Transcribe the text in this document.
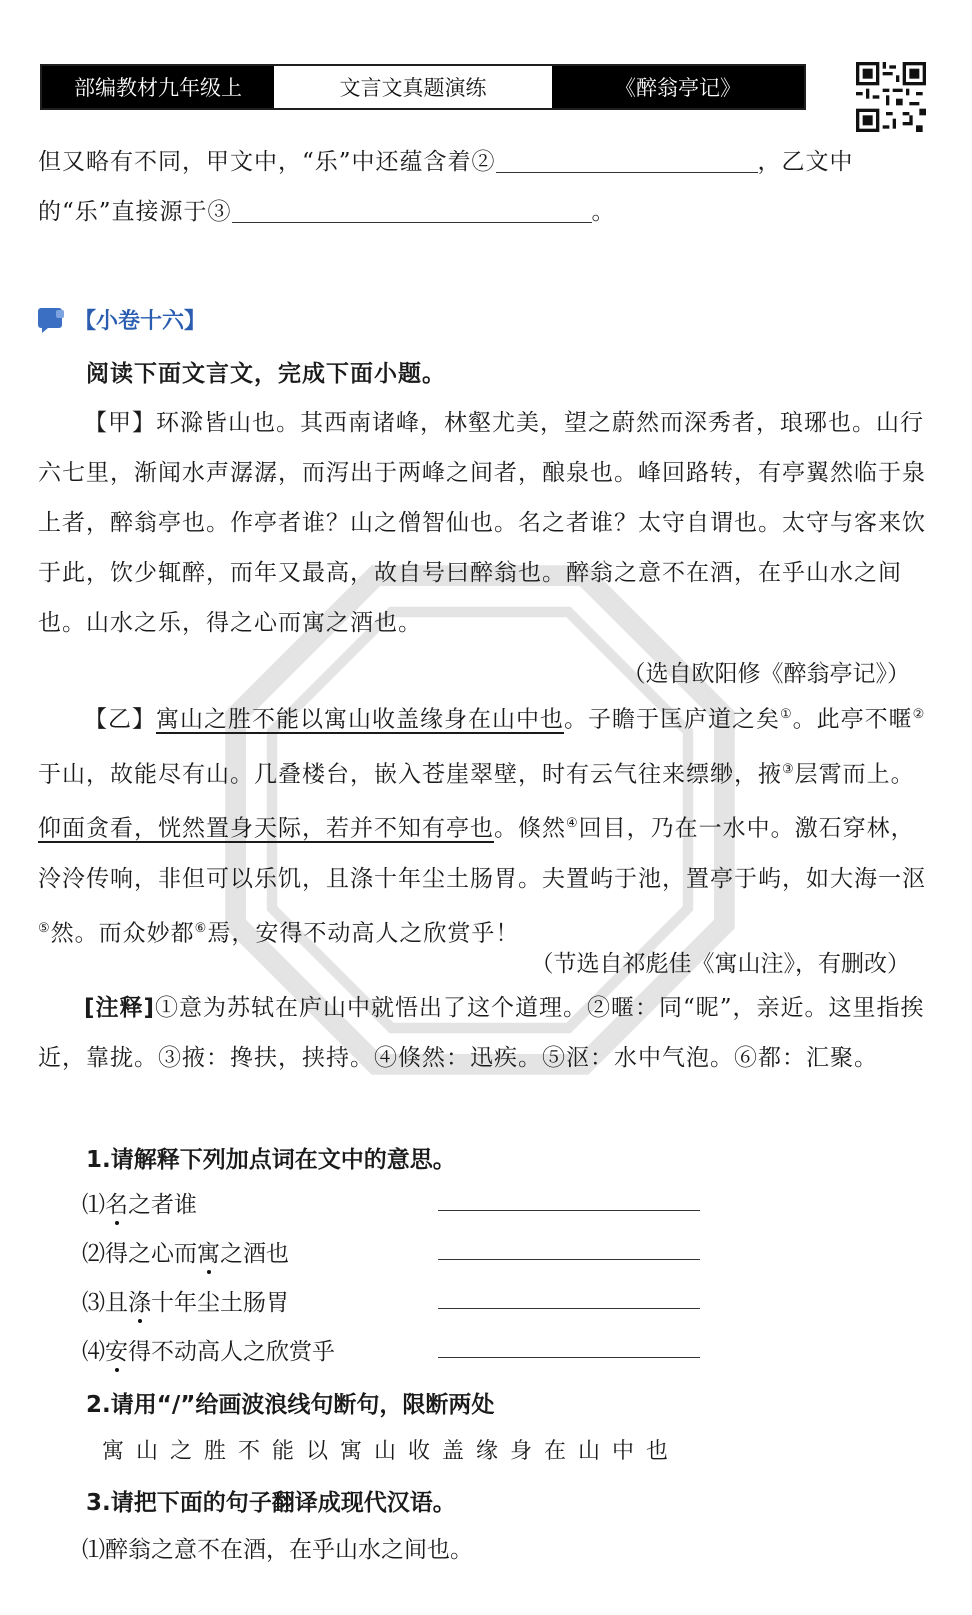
部编教材九年级上	文言文真题演练	《醉翁亭记》

但又略有不同，甲文中，“乐”中还蕴含着②	，乙文中
的“乐”直接源于③	。

【小卷十六】

阅读下面文言文，完成下面小题。

【甲】环滁皆山也。其西南诸峰，林壑尤美，望之蔚然而深秀者，琅琊也。山行六七里，渐闻水声潺潺，而泻出于两峰之间者，酿泉也。峰回路转，有亭翼然临于泉上者，醉翁亭也。作亭者谁？山之僧智仙也。名之者谁？太守自谓也。太守与客来饮于此，饮少辄醉，而年又最高，故自号曰醉翁也。醉翁之意不在酒，在乎山水之间也。山水之乐，得之心而寓之酒也。

（选自欧阳修《醉翁亭记》）

【乙】寓山之胜不能以寓山收盖缘身在山中也。子瞻于匡庐道之矣①。此亭不暱②于山，故能尽有山。几叠楼台，嵌入苍崖翠壁，时有云气往来缥缈，掖③层霄而上。仰面贪看，恍然置身天际，若并不知有亭也。倏然④回目，乃在一水中。激石穿林，泠泠传响，非但可以乐饥，且涤十年尘土肠胃。夫置屿于池，置亭于屿，如大海一沤⑤然。而众妙都⑥焉，安得不动高人之欣赏乎！

（节选自祁彪佳《寓山注》，有删改）

[注释]①意为苏轼在庐山中就悟出了这个道理。②暱：同“昵”，亲近。这里指挨近，靠拢。③掖：搀扶，挟持。④倏然：迅疾。⑤沤：水中气泡。⑥都：汇聚。

1.请解释下列加点词在文中的意思。
⑴名之者谁
⑵得之心而寓之酒也
⑶且涤十年尘土肠胃
⑷安得不动高人之欣赏乎
2.请用“/”给画波浪线句断句，限断两处
寓山之胜不能以寓山收盖缘身在山中也
3.请把下面的句子翻译成现代汉语。
⑴醉翁之意不在酒，在乎山水之间也。
